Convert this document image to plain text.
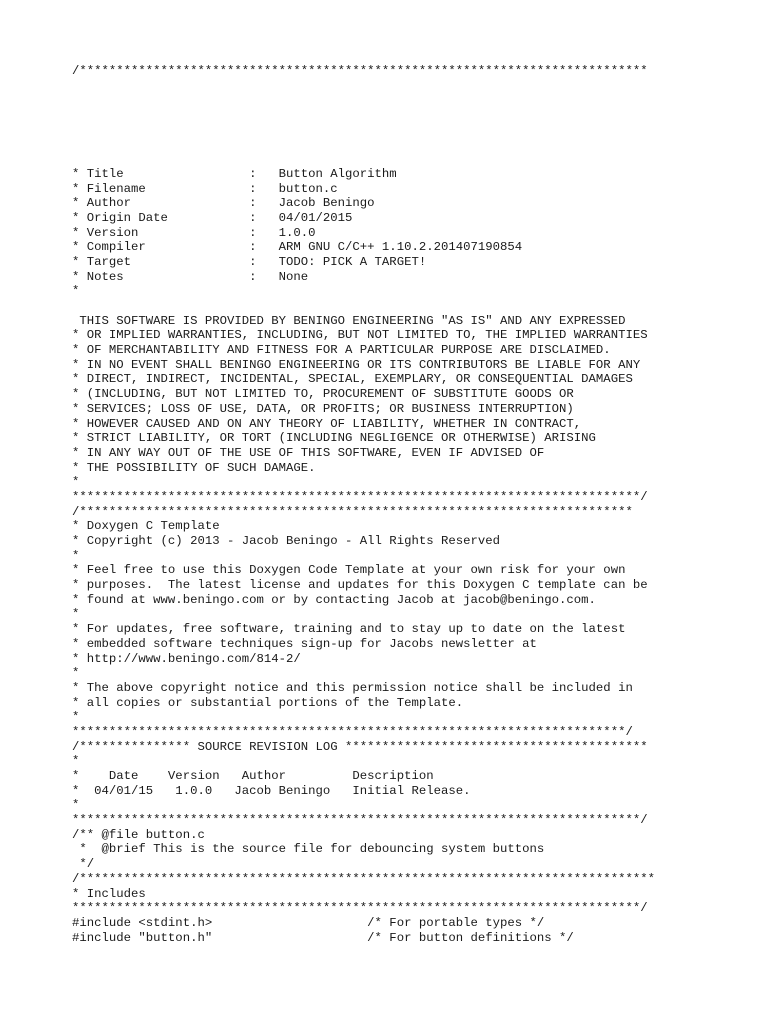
/*****************************************************************************
* Title                 :   Button Algorithm
* Filename              :   button.c
* Author                :   Jacob Beningo
* Origin Date           :   04/01/2015
* Version               :   1.0.0
* Compiler              :   ARM GNU C/C++ 1.10.2.201407190854
* Target                :   TODO: PICK A TARGET!
* Notes                 :   None
*
THIS SOFTWARE IS PROVIDED BY BENINGO ENGINEERING "AS IS" AND ANY EXPRESSED
* OR IMPLIED WARRANTIES, INCLUDING, BUT NOT LIMITED TO, THE IMPLIED WARRANTIES
* OF MERCHANTABILITY AND FITNESS FOR A PARTICULAR PURPOSE ARE DISCLAIMED.
* IN NO EVENT SHALL BENINGO ENGINEERING OR ITS CONTRIBUTORS BE LIABLE FOR ANY
* DIRECT, INDIRECT, INCIDENTAL, SPECIAL, EXEMPLARY, OR CONSEQUENTIAL DAMAGES
* (INCLUDING, BUT NOT LIMITED TO, PROCUREMENT OF SUBSTITUTE GOODS OR
* SERVICES; LOSS OF USE, DATA, OR PROFITS; OR BUSINESS INTERRUPTION)
* HOWEVER CAUSED AND ON ANY THEORY OF LIABILITY, WHETHER IN CONTRACT,
* STRICT LIABILITY, OR TORT (INCLUDING NEGLIGENCE OR OTHERWISE) ARISING
* IN ANY WAY OUT OF THE USE OF THIS SOFTWARE, EVEN IF ADVISED OF
* THE POSSIBILITY OF SUCH DAMAGE.
*
*****************************************************************************/
/***************************************************************************
* Doxygen C Template
* Copyright (c) 2013 - Jacob Beningo - All Rights Reserved
*
* Feel free to use this Doxygen Code Template at your own risk for your own
* purposes.  The latest license and updates for this Doxygen C template can be
* found at www.beningo.com or by contacting Jacob at jacob@beningo.com.
*
* For updates, free software, training and to stay up to date on the latest
* embedded software techniques sign-up for Jacobs newsletter at
* http://www.beningo.com/814-2/
*
* The above copyright notice and this permission notice shall be included in
* all copies or substantial portions of the Template.
*
***************************************************************************/
/*************** SOURCE REVISION LOG *****************************************
*
*    Date    Version   Author         Description
*  04/01/15   1.0.0   Jacob Beningo   Initial Release.
*
*****************************************************************************/
/** @file button.c
*  @brief This is the source file for debouncing system buttons
*/
/******************************************************************************
* Includes
*****************************************************************************/
#include <stdint.h>                     /* For portable types */
#include "button.h"                     /* For button definitions */
